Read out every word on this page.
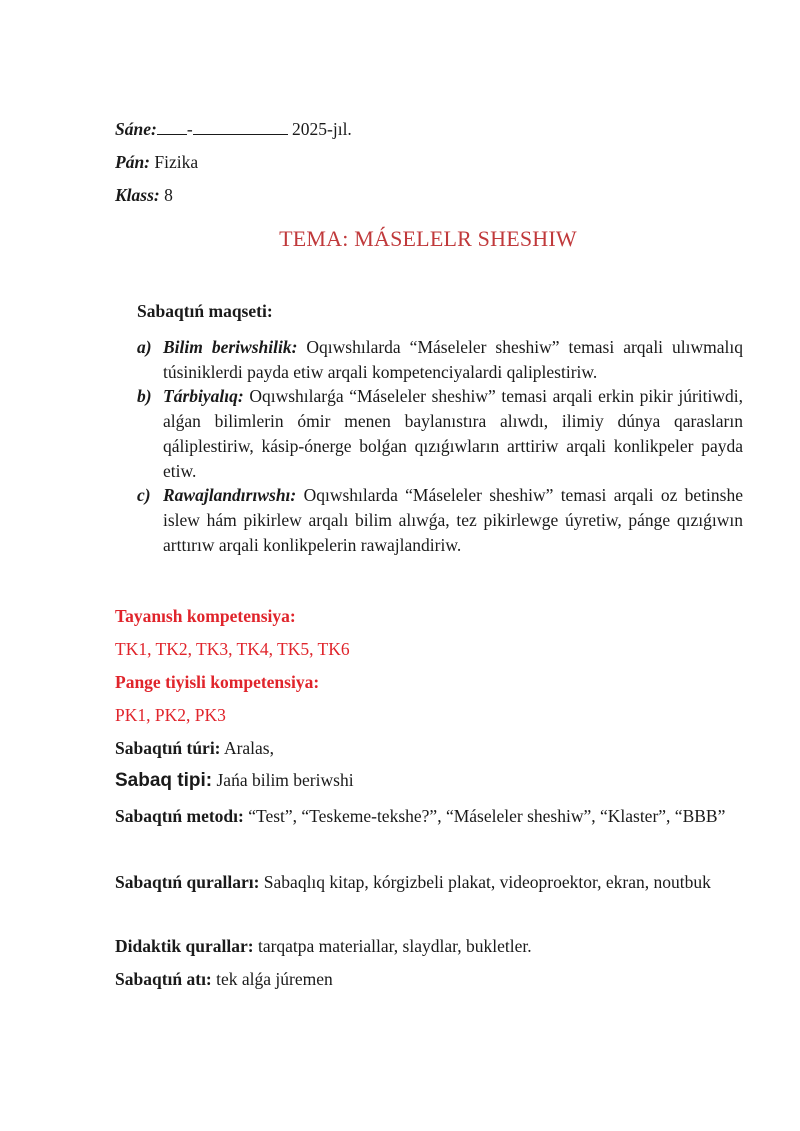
Sáne: -	2025-jıl.
Pán: Fizika
Klass: 8
TEMA: MÁSELELR SHESHIW
Sabaqtıń maqseti:
a) Bilim beriwshilik: Oqıwshılarda “Máseleler sheshiw” temasi arqali ulıwmalıq túsiniklerdi payda etiw arqali kompetenciyalardi qaliplestiriw.
b) Tárbiyalıq: Oqıwshılarǵa “Máseleler sheshiw” temasi arqali erkin pikir júritiwdi, alǵan bilimlerin ómir menen baylanıstıra alıwdı, ilimiy dúnya qarasların qáliplestiriw, kásip-ónerge bolǵan qızıǵıwların arttiriw arqali konlikpeler payda etiw.
c) Rawajlandırıwshı: Oqıwshılarda “Máseleler sheshiw” temasi arqali oz betinshe islew hám pikirlew arqalı bilim alıwǵa, tez pikirlewge úyretiw, pánge qızıǵıwın arttırıw arqali konlikpelerin rawajlandiriw.
Tayanısh kompetensiya:
TK1, TK2, TK3, TK4, TK5, TK6
Pange tiyisli kompetensiya:
PK1, PK2, PK3
Sabaqtıń túri: Aralas,
Sabaq tipi: Jańa bilim beriwshi
Sabaqtıń metodı: “Test”, “Teskeme-tekshe?”, “Máseleler sheshiw”, “Klaster”, “BBB”
Sabaqtıń quralları: Sabaqlıq kitap, kórgizbeli plakat, videoproektor, ekran, noutbuk
Didaktik qurallar: tarqatpa materiallar, slaydlar, bukletler.
Sabaqtıń atı: tek alǵa júremen
